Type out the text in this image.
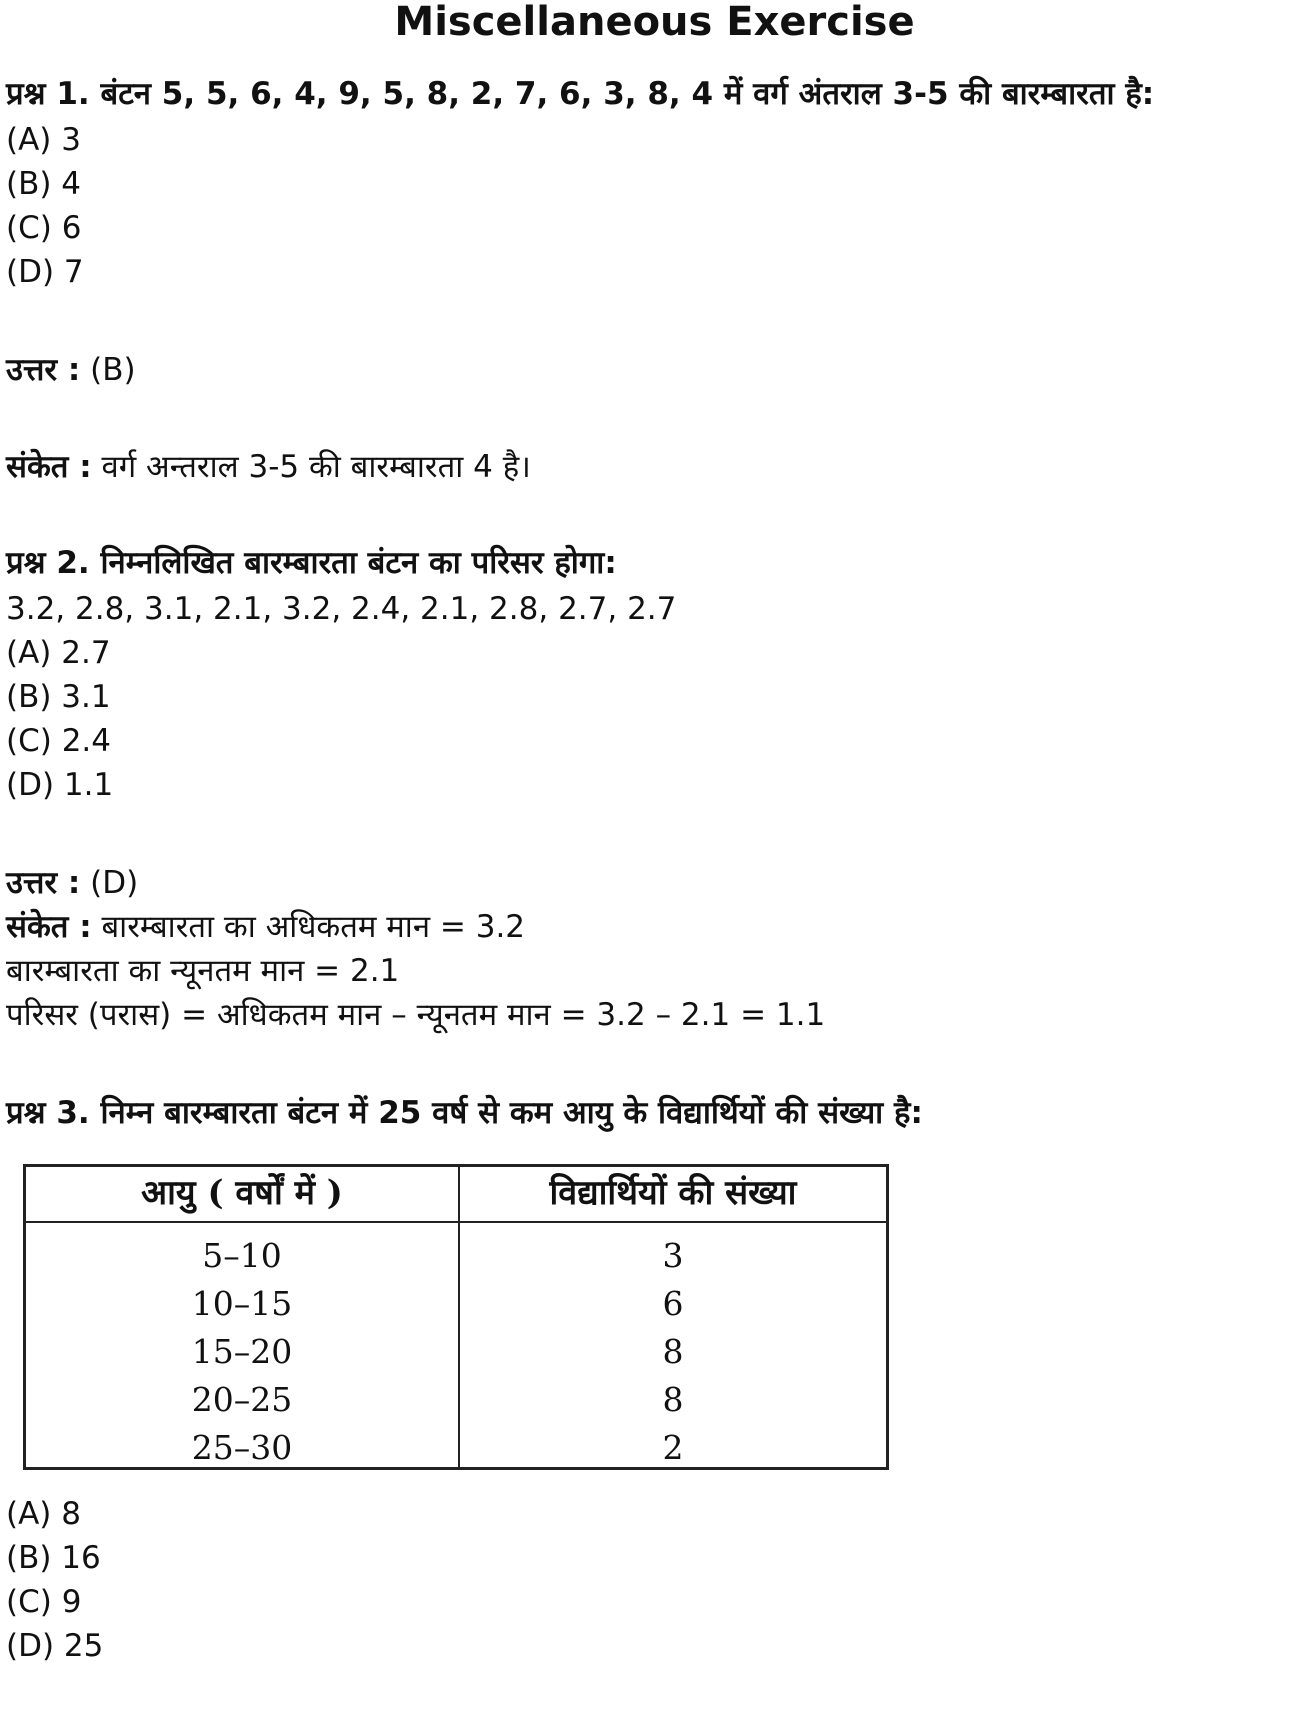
Miscellaneous Exercise
प्रश्न 1. बंटन 5, 5, 6, 4, 9, 5, 8, 2, 7, 6, 3, 8, 4 में वर्ग अंतराल 3-5 की बारम्बारता है:
(A) 3
(B) 4
(C) 6
(D) 7
उत्तर : (B)
संकेत : वर्ग अन्तराल 3-5 की बारम्बारता 4 है।
प्रश्न 2. निम्नलिखित बारम्बारता बंटन का परिसर होगा:
3.2, 2.8, 3.1, 2.1, 3.2, 2.4, 2.1, 2.8, 2.7, 2.7
(A) 2.7
(B) 3.1
(C) 2.4
(D) 1.1
उत्तर : (D)
संकेत : बारम्बारता का अधिकतम मान = 3.2
बारम्बारता का न्यूनतम मान = 2.1
परिसर (परास) = अधिकतम मान – न्यूनतम मान = 3.2 – 2.1 = 1.1
प्रश्न 3. निम्न बारम्बारता बंटन में 25 वर्ष से कम आयु के विद्यार्थियों की संख्या है:
आयु ( वर्षों में )	विद्यार्थियों की संख्या
5–10	3
10–15	6
15–20	8
20–25	8
25–30	2
(A) 8
(B) 16
(C) 9
(D) 25
